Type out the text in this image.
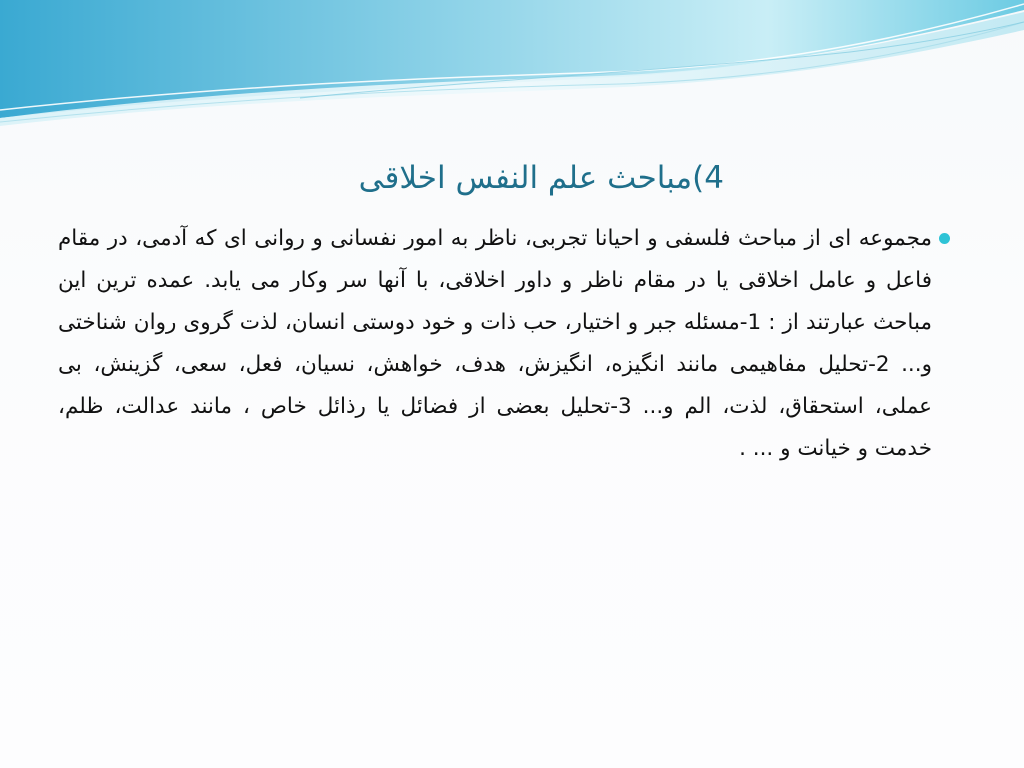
4)مباحث علم النفس اخلاقی
مجموعه ای از مباحث فلسفی و احیانا تجربی، ناظر به امور نفسانی و روانی ای که آدمی، در مقام فاعل و عامل اخلاقی یا در مقام ناظر و داور اخلاقی، با آنها سر وکار می یابد. عمده ترین این مباحث عبارتند از : 1-مسئله جبر و اختیار، حب ذات و خود دوستی انسان، لذت گروی روان شناختی و... 2-تحلیل مفاهیمی مانند انگیزه، انگیزش، هدف، خواهش، نسیان، فعل، سعی، گزینش، بی عملی، استحقاق، لذت، الم و... 3-تحلیل بعضی از فضائل یا رذائل خاص ، مانند عدالت، ظلم، خدمت و خیانت و ... .
